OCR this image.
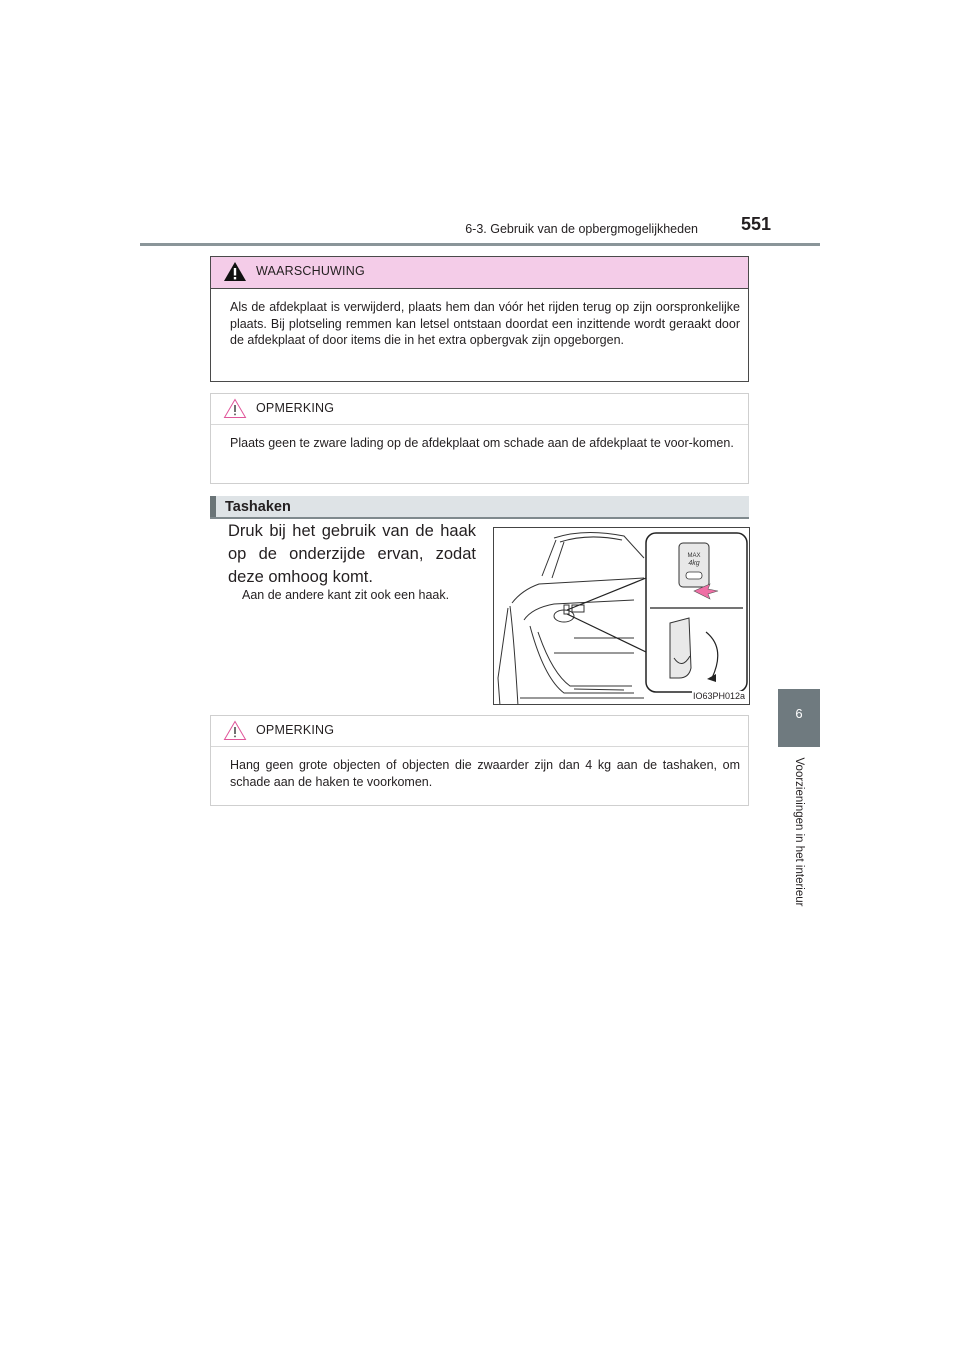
6-3. Gebruik van de opbergmogelijkheden 551
6
Voorzieningen in het interieur
WAARSCHUWING
Als de afdekplaat is verwijderd, plaats hem dan vóór het rijden terug op zijn oorspronkelijke plaats. Bij plotseling remmen kan letsel ontstaan doordat een inzittende wordt geraakt door de afdekplaat of door items die in het extra opbergvak zijn opgeborgen.
OPMERKING
Plaats geen te zware lading op de afdekplaat om schade aan de afdekplaat te voor-komen.
Tashaken
Druk bij het gebruik van de haak op de onderzijde ervan, zodat deze omhoog komt.
Aan de andere kant zit ook een haak.
MAX
4kg
IO63PH012a
OPMERKING
Hang geen grote objecten of objecten die zwaarder zijn dan 4 kg aan de tashaken, om schade aan de haken te voorkomen.
